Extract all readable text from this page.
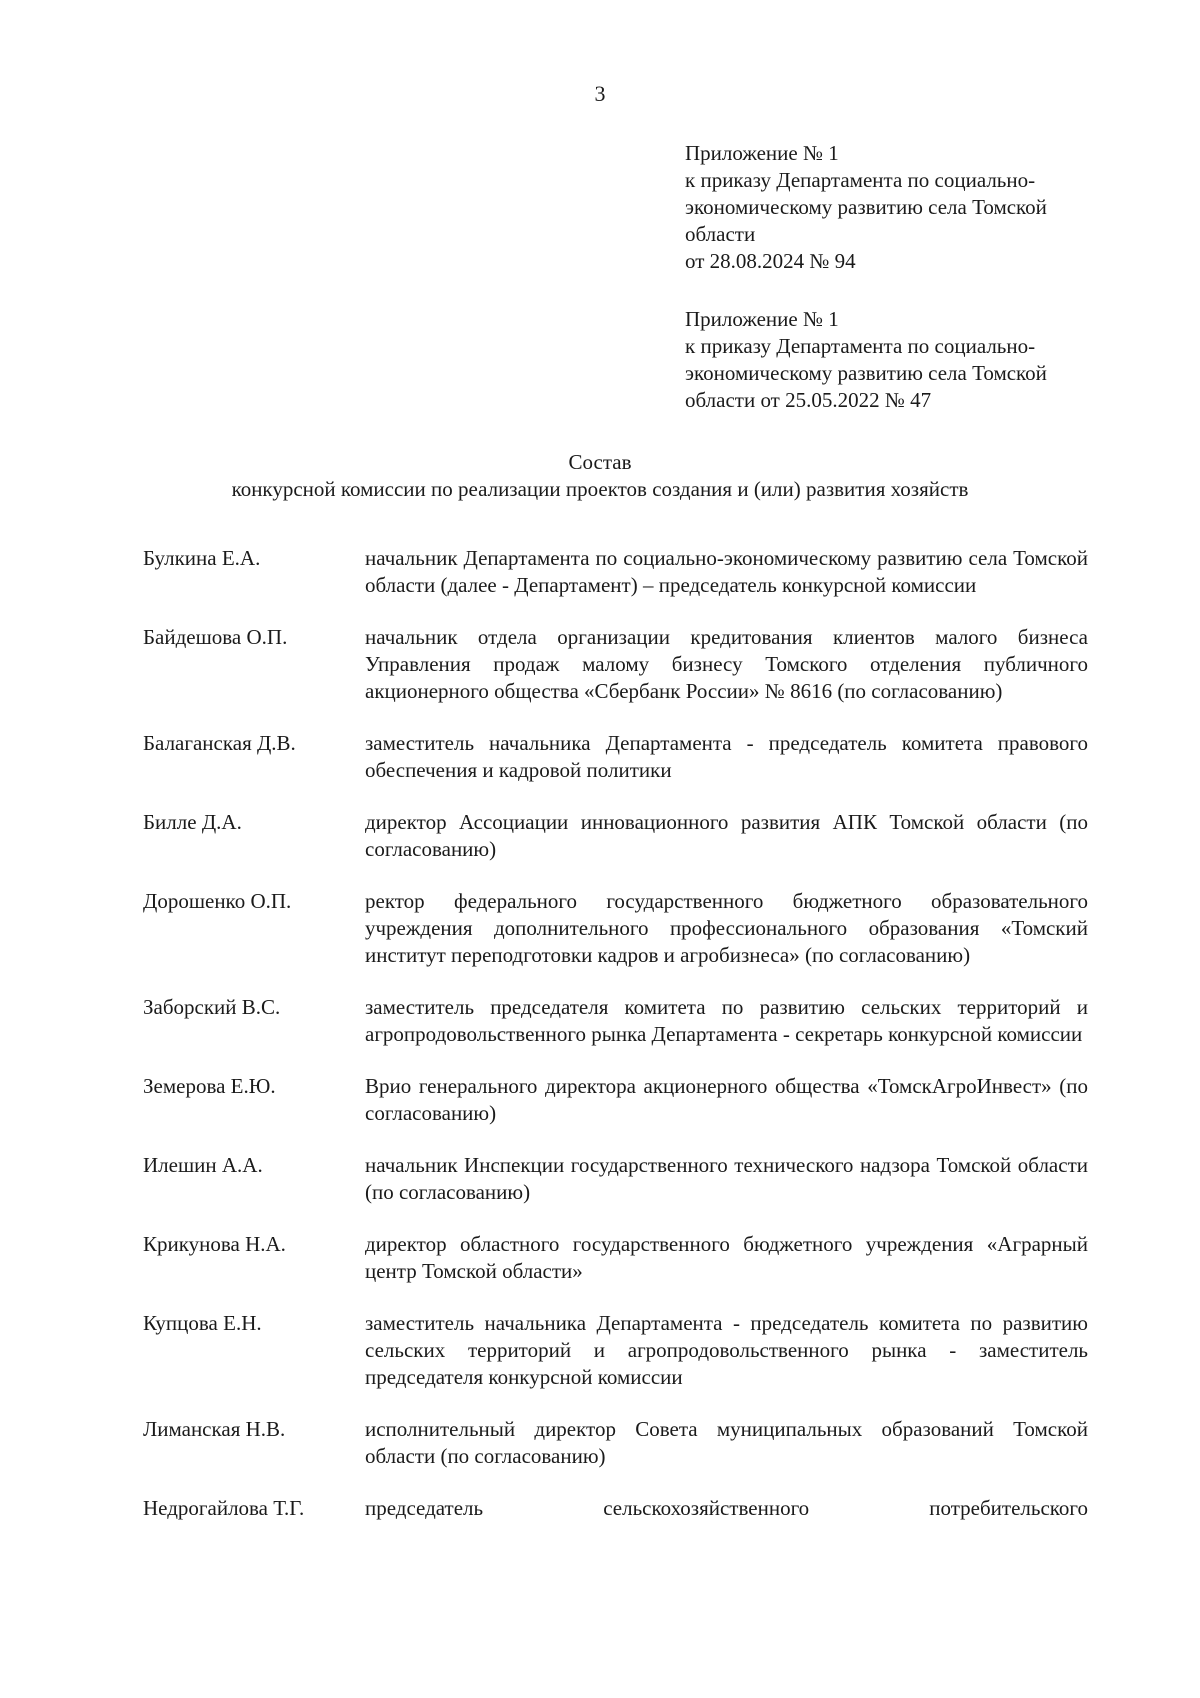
3
Приложение № 1
к приказу Департамента по социально-
экономическому развитию села Томской
области
от 28.08.2024 № 94
Приложение № 1
к приказу Департамента по социально-
экономическому развитию села Томской
области от 25.05.2022 № 47
Состав
конкурсной комиссии по реализации проектов создания и (или) развития хозяйств
Булкина Е.А.	начальник Департамента по социально-экономическому развитию села Томской области (далее - Департамент) – председатель конкурсной комиссии
Байдешова О.П.	начальник отдела организации кредитования клиентов малого бизнеса Управления продаж малому бизнесу Томского отделения публичного акционерного общества «Сбербанк России» № 8616 (по согласованию)
Балаганская Д.В.	заместитель начальника Департамента - председатель комитета правового обеспечения и кадровой политики
Билле Д.А.	директор Ассоциации инновационного развития АПК Томской области (по согласованию)
Дорошенко О.П.	ректор федерального государственного бюджетного образовательного учреждения дополнительного профессионального образования «Томский институт переподготовки кадров и агробизнеса» (по согласованию)
Заборский В.С.	заместитель председателя комитета по развитию сельских территорий и агропродовольственного рынка Департамента - секретарь конкурсной комиссии
Земерова Е.Ю.	Врио генерального директора акционерного общества «ТомскАгроИнвест» (по согласованию)
Илешин А.А.	начальник Инспекции государственного технического надзора Томской области (по согласованию)
Крикунова Н.А.	директор областного государственного бюджетного учреждения «Аграрный центр Томской области»
Купцова Е.Н.	заместитель начальника Департамента - председатель комитета по развитию сельских территорий и агропродовольственного рынка - заместитель председателя конкурсной комиссии
Лиманская Н.В.	исполнительный директор Совета муниципальных образований Томской области (по согласованию)
Недрогайлова Т.Г.	председатель сельскохозяйственного потребительского
